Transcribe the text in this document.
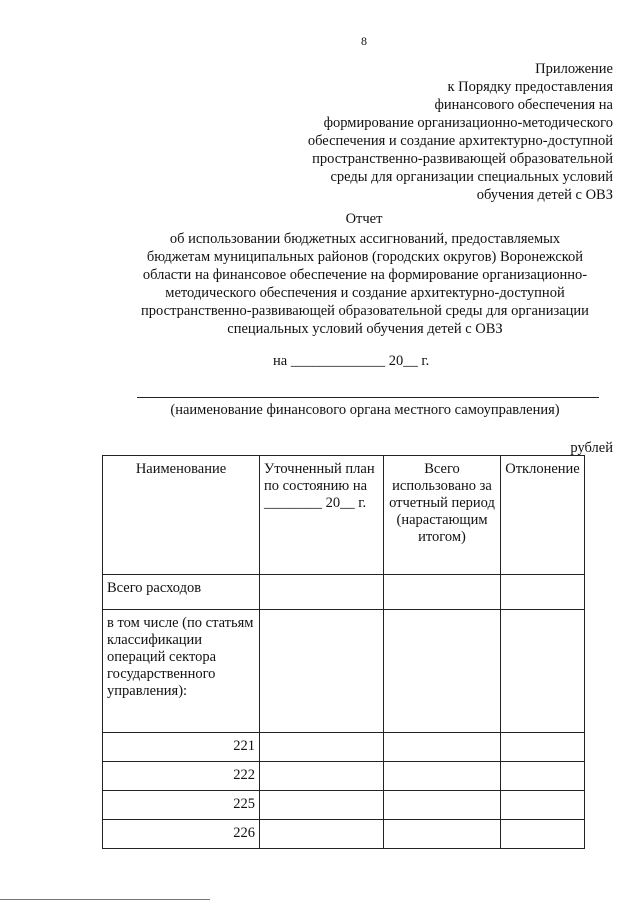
8
Приложение
к Порядку предоставления
финансового обеспечения на
формирование организационно-методического
обеспечения и создание архитектурно-доступной
пространственно-развивающей образовательной
среды для организации специальных условий
обучения детей с ОВЗ
Отчет
об использовании бюджетных ассигнований, предоставляемых
бюджетам муниципальных районов (городских округов) Воронежской
области на финансовое обеспечение на формирование организационно-
методического обеспечения и создание архитектурно-доступной
пространственно-развивающей образовательной среды для организации
специальных условий обучения детей с ОВЗ
на _____________ 20__ г.
(наименование финансового органа местного самоуправления)
рублей
Наименование	Уточненный план по состоянию на ________ 20__ г.	Всего использовано за отчетный период (нарастающим итогом)	Отклонение
Всего расходов			
в том числе (по статьям классификации операций сектора государственного управления):			
221			
222			
225			
226			
